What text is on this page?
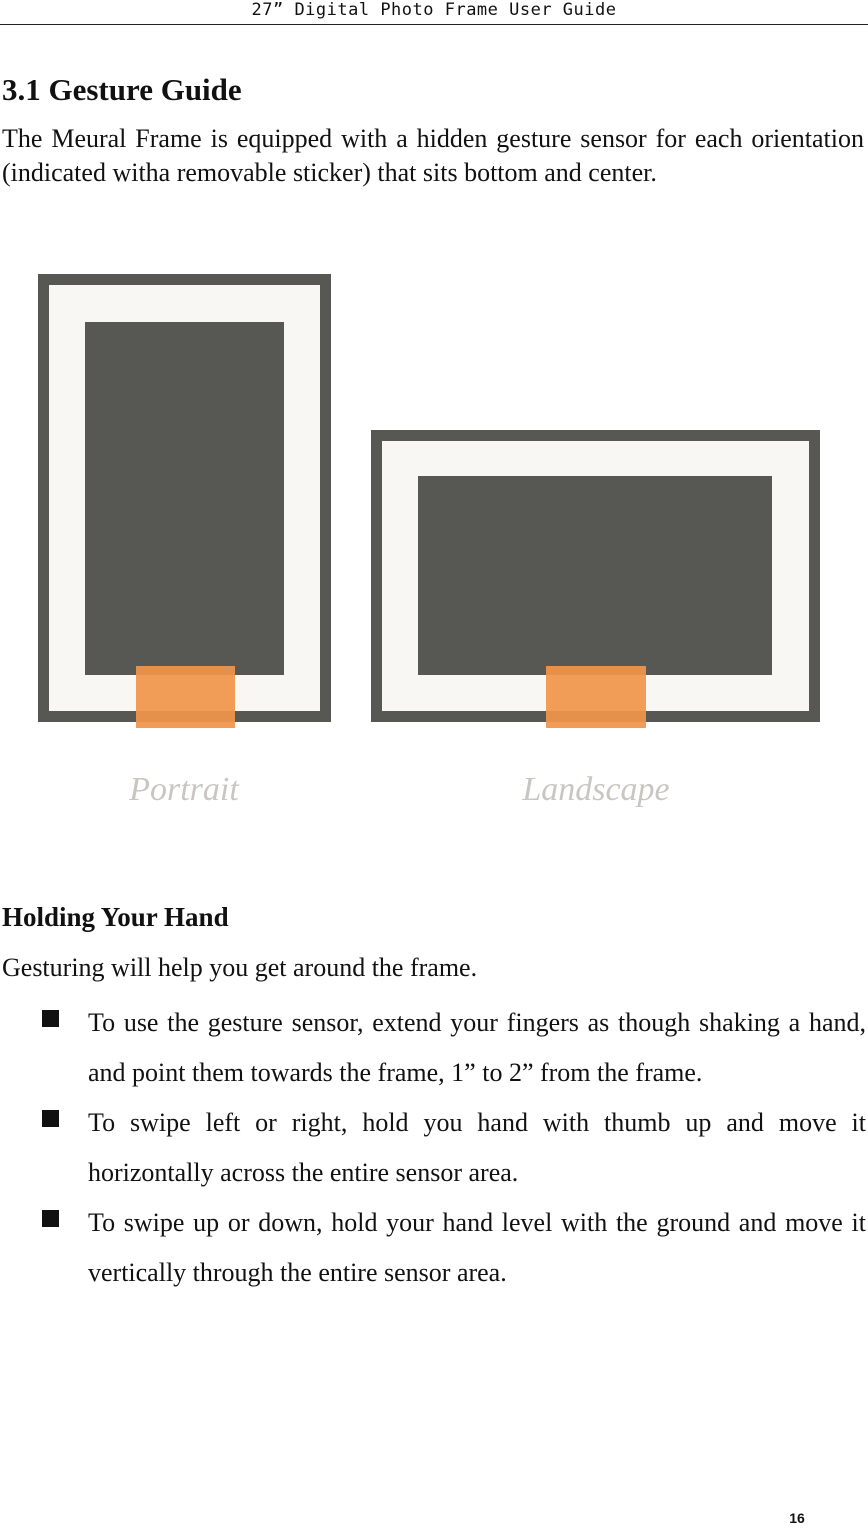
27” Digital Photo Frame User Guide
3.1 Gesture Guide

The Meural Frame is equipped with a hidden gesture sensor for each orientation (indicated witha removable sticker) that sits bottom and center.

Portrait	Landscape
Holding Your Hand

Gesturing will help you get around the frame.

To use the gesture sensor, extend your fingers as though shaking a hand, and point them towards the frame, 1” to 2” from the frame.
To swipe left or right, hold you hand with thumb up and move it horizontally across the entire sensor area.
To swipe up or down, hold your hand level with the ground and move it vertically through the entire sensor area.
16
